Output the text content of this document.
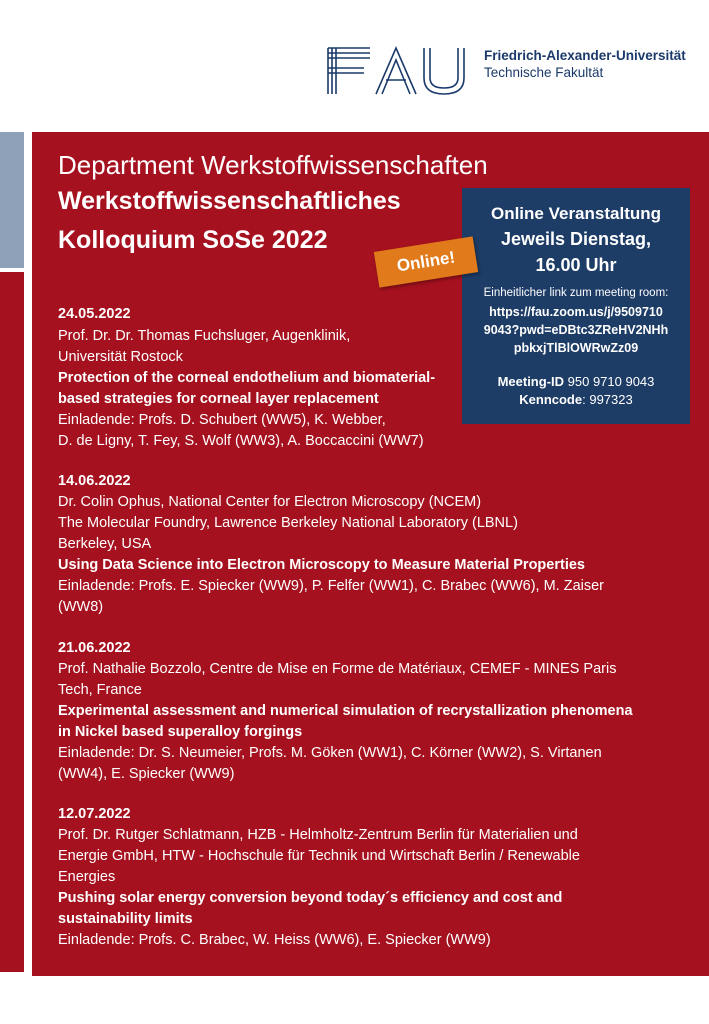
Friedrich-Alexander-Universität
Technische Fakultät
Department Werkstoffwissenschaften
Werkstoffwissenschaftliches
Kolloquium SoSe 2022
Online Veranstaltung
Jeweils Dienstag,
16.00 Uhr
Einheitlicher link zum meeting room:
https://fau.zoom.us/j/9509710
9043?pwd=eDBtc3ZReHV2NHh
pbkxjTlBlOWRwZz09
Meeting-ID 950 9710 9043
Kenncode: 997323
Online!
24.05.2022
Prof. Dr. Dr. Thomas Fuchsluger, Augenklinik,
Universität Rostock
Protection of the corneal endothelium and biomaterial-
based strategies for corneal layer replacement
Einladende: Profs. D. Schubert (WW5), K. Webber,
D. de Ligny, T. Fey, S. Wolf (WW3), A. Boccaccini (WW7)
14.06.2022
Dr. Colin Ophus, National Center for Electron Microscopy (NCEM)
The Molecular Foundry, Lawrence Berkeley National Laboratory (LBNL)
Berkeley, USA
Using Data Science into Electron Microscopy to Measure Material Properties
Einladende: Profs. E. Spiecker (WW9), P. Felfer (WW1), C. Brabec (WW6), M. Zaiser
(WW8)
21.06.2022
Prof. Nathalie Bozzolo, Centre de Mise en Forme de Matériaux, CEMEF - MINES Paris
Tech, France
Experimental assessment and numerical simulation of recrystallization phenomena
in Nickel based superalloy forgings
Einladende: Dr. S. Neumeier, Profs. M. Göken (WW1), C. Körner (WW2), S. Virtanen
(WW4), E. Spiecker (WW9)
12.07.2022
Prof. Dr. Rutger Schlatmann, HZB - Helmholtz-Zentrum Berlin für Materialien und
Energie GmbH, HTW - Hochschule für Technik und Wirtschaft Berlin / Renewable
Energies
Pushing solar energy conversion beyond today´s efficiency and cost and
sustainability limits
Einladende: Profs. C. Brabec, W. Heiss (WW6), E. Spiecker (WW9)
